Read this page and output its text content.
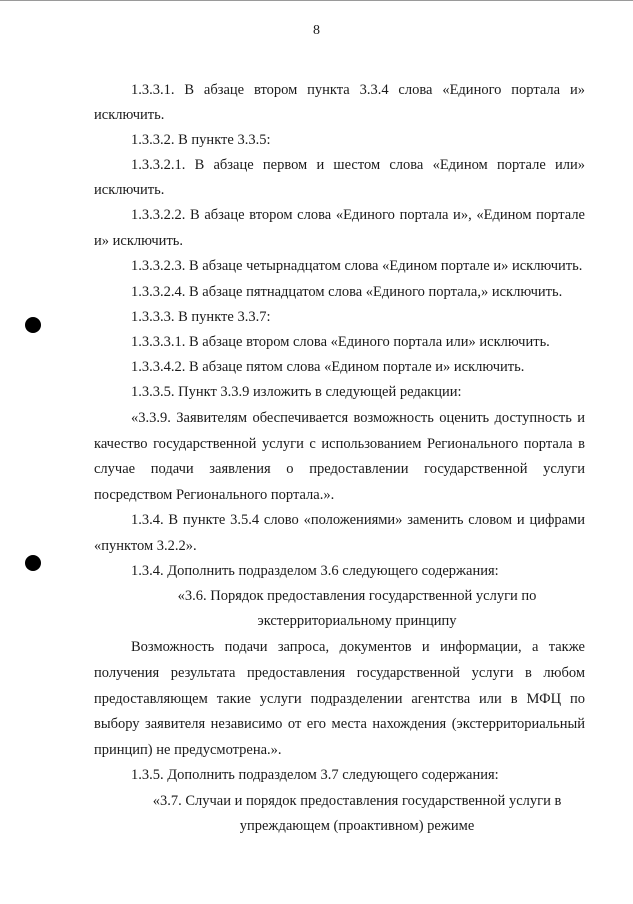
8
1.3.3.1. В абзаце втором пункта 3.3.4 слова «Единого портала и»
исключить.
1.3.3.2. В пункте 3.3.5:
1.3.3.2.1. В абзаце первом и шестом слова «Едином портале или»
исключить.
1.3.3.2.2. В абзаце втором слова «Единого портала и», «Едином портале
и» исключить.
1.3.3.2.3. В абзаце четырнадцатом слова «Едином портале и» исключить.
1.3.3.2.4. В абзаце пятнадцатом слова «Единого портала,» исключить.
1.3.3.3. В пункте 3.3.7:
1.3.3.3.1. В абзаце втором слова «Единого портала или» исключить.
1.3.3.4.2. В абзаце пятом слова «Едином портале и» исключить.
1.3.3.5. Пункт 3.3.9 изложить в следующей редакции:
«3.3.9. Заявителям обеспечивается возможность оценить доступность и
качество государственной услуги с использованием Регионального портала в
случае подачи заявления о предоставлении государственной услуги
посредством Регионального портала.».
1.3.4. В пункте 3.5.4 слово «положениями» заменить словом и цифрами
«пунктом 3.2.2».
1.3.4. Дополнить подразделом 3.6 следующего содержания:
«3.6. Порядок предоставления государственной услуги по
экстерриториальному принципу
Возможность подачи запроса, документов и информации, а также
получения результата предоставления государственной услуги в любом
предоставляющем такие услуги подразделении агентства или в МФЦ по
выбору заявителя независимо от его места нахождения (экстерриториальный
принцип) не предусмотрена.».
1.3.5. Дополнить подразделом 3.7 следующего содержания:
«3.7. Случаи и порядок предоставления государственной услуги в
упреждающем (проактивном) режиме
